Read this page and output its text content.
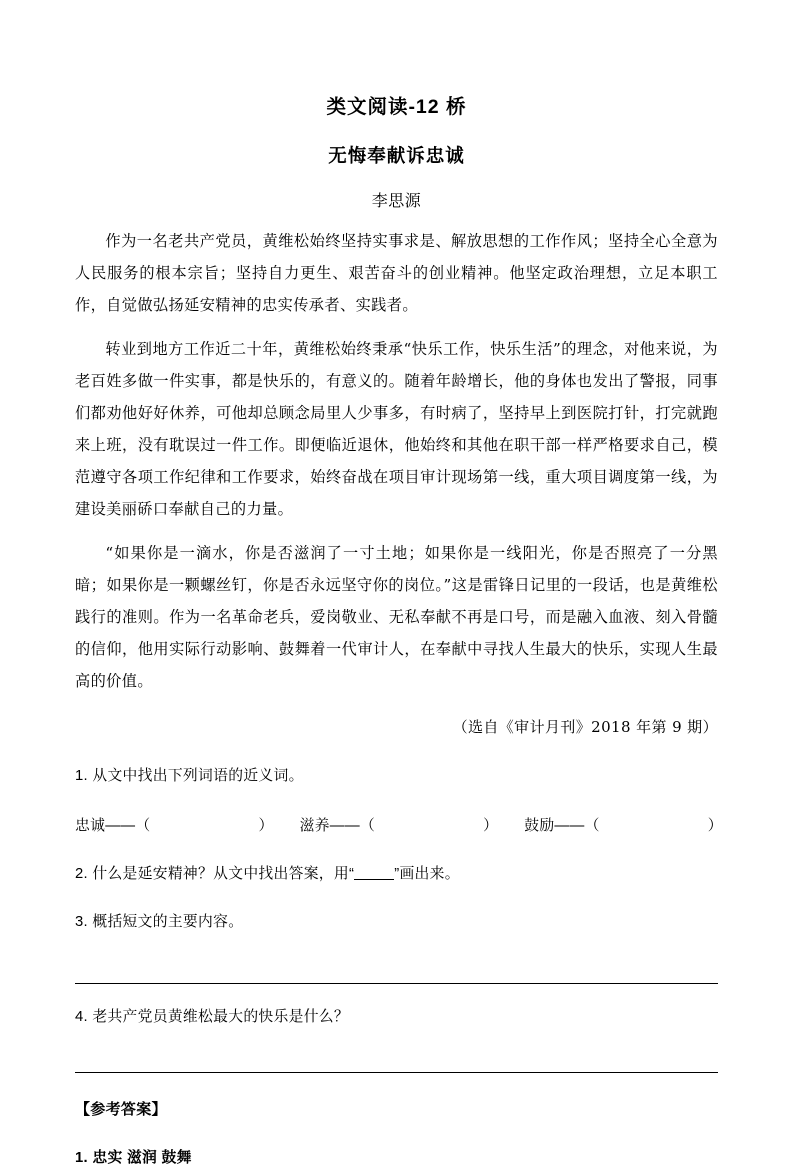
类文阅读-12 桥
无悔奉献诉忠诚
李思源

作为一名老共产党员，黄维松始终坚持实事求是、解放思想的工作作风；坚持全心全意为人民服务的根本宗旨；坚持自力更生、艰苦奋斗的创业精神。他坚定政治理想，立足本职工作，自觉做弘扬延安精神的忠实传承者、实践者。

转业到地方工作近二十年，黄维松始终秉承“快乐工作，快乐生活”的理念，对他来说，为老百姓多做一件实事，都是快乐的，有意义的。随着年龄增长，他的身体也发出了警报，同事们都劝他好好休养，可他却总顾念局里人少事多，有时病了，坚持早上到医院打针，打完就跑来上班，没有耽误过一件工作。即便临近退休，他始终和其他在职干部一样严格要求自己，模范遵守各项工作纪律和工作要求，始终奋战在项目审计现场第一线，重大项目调度第一线，为建设美丽硚口奉献自己的力量。

“如果你是一滴水，你是否滋润了一寸土地；如果你是一线阳光，你是否照亮了一分黑暗；如果你是一颗螺丝钉，你是否永远坚守你的岗位。”这是雷锋日记里的一段话，也是黄维松践行的准则。作为一名革命老兵，爱岗敬业、无私奉献不再是口号，而是融入血液、刻入骨髓的信仰，他用实际行动影响、鼓舞着一代审计人，在奉献中寻找人生最大的快乐，实现人生最高的价值。

（选自《审计月刊》2018 年第 9 期）

1. 从文中找出下列词语的近义词。

忠诚——（	） 滋养——（	） 鼓励——（	）

2. 什么是延安精神？从文中找出答案，用“	”画出来。

3. 概括短文的主要内容。

4. 老共产党员黄维松最大的快乐是什么？

【参考答案】

1. 忠实 滋润 鼓舞
